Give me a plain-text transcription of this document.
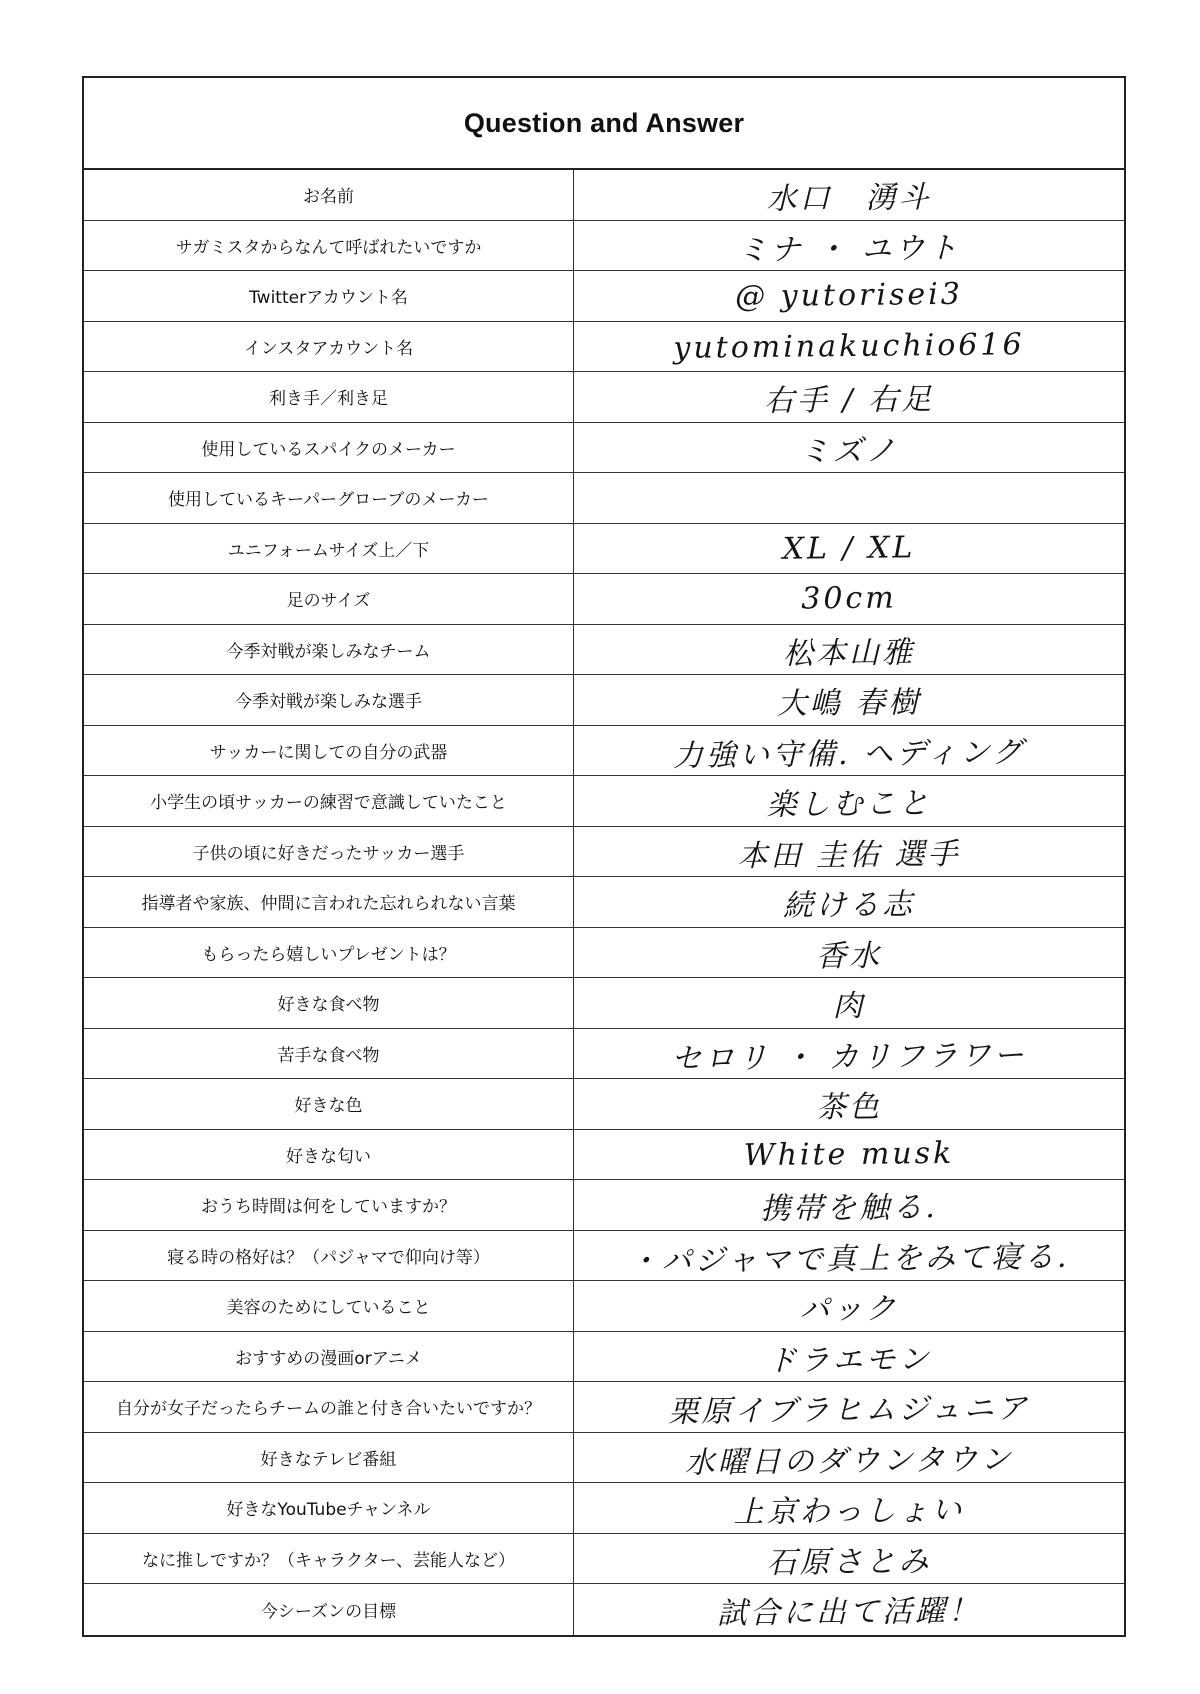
Question and Answer
お名前	水口　湧斗
サガミスタからなんて呼ばれたいですか	ミナ ・ ユウト
Twitterアカウント名	@ yutorisei3
インスタアカウント名	yutominakuchio616
利き手／利き足	右手 / 右足
使用しているスパイクのメーカー	ミズノ
使用しているキーパーグローブのメーカー
ユニフォームサイズ上／下	XL / XL
足のサイズ	30cm
今季対戦が楽しみなチーム	松本山雅
今季対戦が楽しみな選手	大嶋 春樹
サッカーに関しての自分の武器	力強い守備. ヘディング
小学生の頃サッカーの練習で意識していたこと	楽しむこと
子供の頃に好きだったサッカー選手	本田 圭佑 選手
指導者や家族、仲間に言われた忘れられない言葉	続ける志
もらったら嬉しいプレゼントは？	香水
好きな食べ物	肉
苦手な食べ物	セロリ ・ カリフラワー
好きな色	茶色
好きな匂い	White musk
おうち時間は何をしていますか？	携帯を触る.
寝る時の格好は？（パジャマで仰向け等）	・パジャマで真上をみて寝る.
美容のためにしていること	パック
おすすめの漫画orアニメ	ドラエモン
自分が女子だったらチームの誰と付き合いたいですか？	栗原イブラヒムジュニア
好きなテレビ番組	水曜日のダウンタウン
好きなYouTubeチャンネル	上京わっしょい
なに推しですか？（キャラクター、芸能人など）	石原さとみ
今シーズンの目標	試合に出て活躍！
